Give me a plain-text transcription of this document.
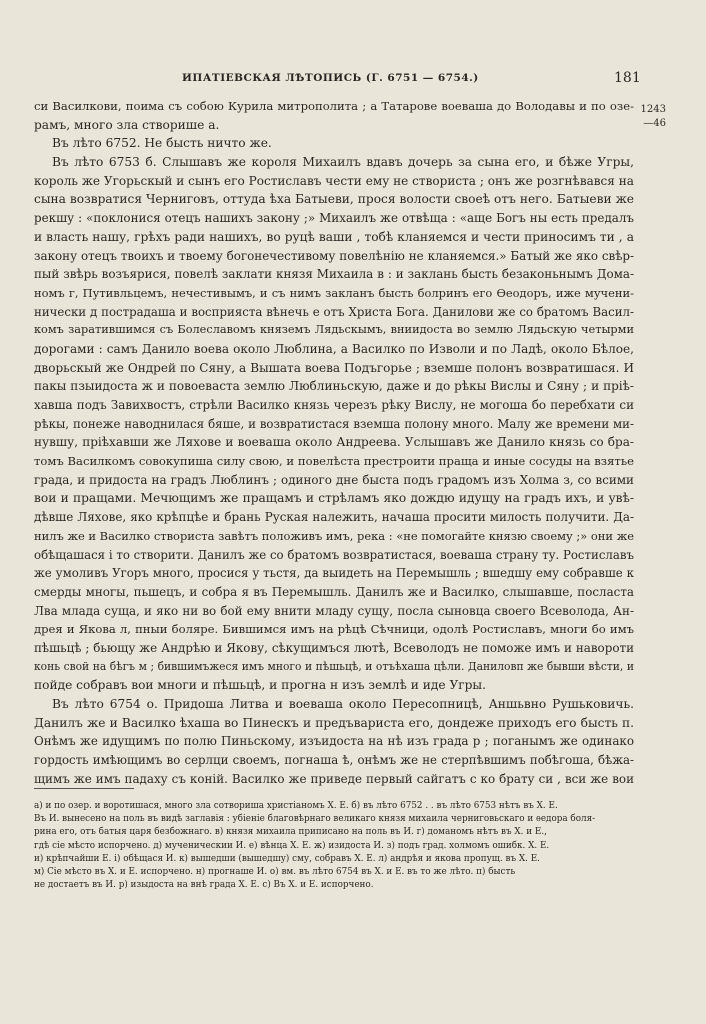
ИПАТІЕВСКАЯ ЛѢТОПИСЬ (Г. 6751 — 6754.)	181
1243
—46
си Василкови, поима съ собою Курила митрополита ; а Татарове воеваша до Володавы и по озе-
рамъ, много зла створише а.
Въ лѣто 6752. Не бысть ничто же.
Въ лѣто 6753 б. Слышавъ же короля Михаилъ вдавъ дочерь за сына его, и бѣже Угры,
король же Угорьскый и сынъ его Ростиславъ чести ему не створиста ; онъ же розгнѣвався на
сына возвратися Черниговъ, оттуда ѣха Батыеви, прося волости своеѣ отъ него. Батыеви же
рекшу : «поклонися отецъ нашихъ закону ;» Михаилъ же отвѣща : «аще Богъ ны есть предалъ
и власть нашу, грѣхъ ради нашихъ, во руцѣ ваши , тобѣ кланяемся и чести приносимъ ти , а
закону отецъ твоихъ и твоему богонечестивому повелѣнію не кланяемся.» Батый же яко свѣр-
пый звѣрь возъярися, повелѣ заклати князя Михаила в : и заклань бысть безаконьнымъ Дома-
номъ г, Путивльцемъ, нечестивымъ, и съ нимъ закланъ бысть болринъ его Ѳеодоръ, иже мучени-
нически д пострадаша и восприяста вѣнечь е отъ Христа Бога. Данилови же со братомъ Васил-
комъ заратившимся съ Болеславомъ княземъ Лядьскымъ, вниидоста во землю Лядьскую четырми
дорогами : самъ Данило воева около Люблина, а Василко по Изволи и по Ладѣ, около Бѣлое,
дворьскый же Ондрей по Сяну, а Вышата воева Подъгорье ; вземше полонъ возвратишася. И
пакы пзыидоста ж и повоеваста землю Люблиньскую, даже и до рѣкы Вислы и Сяну ; и пріѣ-
хавша подъ Завихвостъ, стрѣли Василко князь черезъ рѣку Вислу, не могоша бо перебхати си
рѣкы, понеже наводнилася бяше, и возвратистася вземша полону много. Малу же времени ми-
нувшу, пріѣхавши же Ляхове и воеваша около Андреева. Услышавъ же Данило князь со бра-
томъ Василкомъ совокупиша силу свою, и повелѣста престроити праща и иные сосуды на взятье
града, и придоста на градъ Люблинъ ; одиного дне быста подъ градомъ изъ Холма з, со всими
вои и пращами. Мечющимъ же пращамъ и стрѣламъ яко дождю идущу на градъ ихъ, и увѣ-
дѣвше Ляхове, яко крѣпцѣе и брань Руская належить, начаша просити милость получити. Да-
нилъ же и Василко створиста завѣтъ положивъ имъ, река : «не помогайте князю своему ;» они же
обѣщашася і то створити. Данилъ же со братомъ возвратистася, воеваша страну ту. Ростиславъ
же умоливъ Угоръ много, просися у тьстя, да выидеть на Перемышль ; вшедшу ему собравше к
смерды многы, пьшецъ, и собра я въ Перемышль. Данилъ же и Василко, слышавше, посласта
Лва млада суща, и яко ни во бой ему внити младу сущу, посла сыновца своего Всеволода, Ан-
дрея и Якова л, пныи боляре. Бившимся имъ на рѣцѣ Сѣчници, одолѣ Ростиславъ, многи бо имъ
пѣшьцѣ ; бьющу же Андрѣю и Якову, сѣкущимъся лютѣ, Всеволодъ не поможе имъ и навороти
конь свой на бѣгъ м ; бившимъжеся имъ много и пѣшьцѣ, и отъѣхаша цѣли. Даниловп же бывши вѣсти, и
пойде собравъ вои многи и пѣшьцѣ, и прогна н изъ землѣ и иде Угры.
Въ лѣто 6754 о. Придоша Литва и воеваша около Пересопницѣ, Аншьвно Рушьковичь.
Данилъ же и Василко ѣхаша во Пинескъ и предъвариста его, дондеже приходъ его бысть п.
Онѣмъ же идущимъ по полю Пиньскому, изъидоста на нѣ изъ града р ; поганымъ же одинако
гордость имѣющимъ во серлци своемъ, погнаша ѣ, онѣмъ же не стерпѣвшимъ побѣгоша, бѣжа-
щимъ же имъ падаху съ коній. Василко же приведе первый сайгатъ с ко брату си , вси же вои
а) и по озер. и воротишася, много зла сотвориша христіаномъ Х. Е. б) въ лѣто 6752 . . въ лѣто 6753 нѣтъ въ Х. Е.
Въ И. вынесено на поль въ видѣ заглавія : убіеніе благовѣрнаго великаго князя михаила черниговьскаго и ѳедора боля-
рина его, отъ батыя царя безбожнаго. в) князя михаила приписано на поль въ И. г) доманомъ нѣтъ въ Х. и Е.,
гдѣ сіе мѣсто испорчено. д) мученическии И. е) вѣнца Х. Е. ж) изидоста И. з) подъ град. холмомъ ошибк. Х. Е.
и) крѣпчайши Е. і) обѣщася И. к) вышедши (вышедшу) сму, собравъ Х. Е. л) андрѣя и якова пропущ. въ Х. Е.
м) Сіе мѣсто въ Х. и Е. испорчено. н) прогнаше И. о) вм. въ лѣто 6754 въ Х. и Е. въ то же лѣто. п) бысть
не достаетъ въ И. р) изыдоста на внѣ града Х. Е. с) Въ Х. и Е. испорчено.
